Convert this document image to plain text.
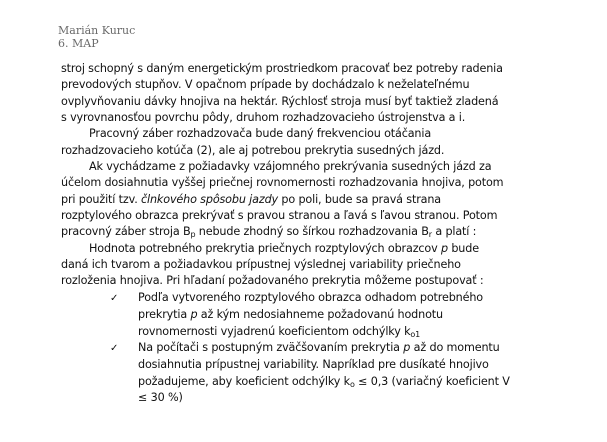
Marián Kuruc
6. MAP
stroj schopný s daným energetickým prostriedkom pracovať bez potreby radenia
prevodových stupňov. V opačnom prípade by dochádzalo k neželateľnému
ovplyvňovaniu dávky hnojiva na hektár. Rýchlosť stroja musí byť taktiež zladená
s vyrovnanosťou povrchu pôdy, druhom rozhadzovacieho ústrojenstva a i.
Pracovný záber rozhadzovača bude daný frekvenciou otáčania
rozhadzovacieho kotúča (2), ale aj potrebou prekrytia susedných jázd.
Ak vychádzame z požiadavky vzájomného prekrývania susedných jázd za
účelom dosiahnutia vyššej priečnej rovnomernosti rozhadzovania hnojiva, potom
pri použití tzv. člnkového spôsobu jazdy po poli, bude sa pravá strana
rozptylového obrazca prekrývať s pravou stranou a ľavá s ľavou stranou. Potom
pracovný záber stroja $B_p$ nebude zhodný so šírkou rozhadzovania $B_r$ a platí :
Hodnota potrebného prekrytia priečnych rozptylových obrazcov p bude
daná ich tvarom a požiadavkou prípustnej výslednej variability priečneho
rozloženia hnojiva. Pri hľadaní požadovaného prekrytia môžeme postupovať :
✓ Podľa vytvoreného rozptylového obrazca odhadom potrebného
prekrytia p až kým nedosiahneme požadovanú hodnotu
rovnomernosti vyjadrenú koeficientom odchýlky $k_{o1}$
✓ Na počítači s postupným zväčšovaním prekrytia p až do momentu
dosiahnutia prípustnej variability. Napríklad pre dusíkaté hnojivo
požadujeme, aby koeficient odchýlky $k_o \le 0,3$ (variačný koeficient V
≤ 30 %)
